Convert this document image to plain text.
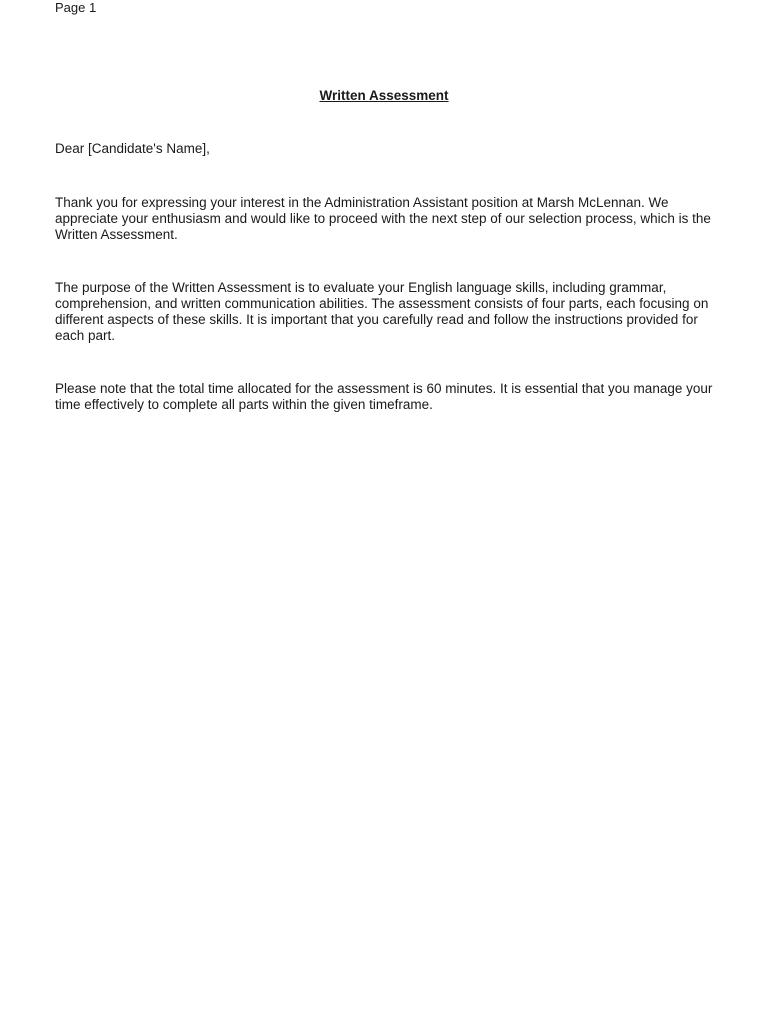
Page 1
Written Assessment

Dear [Candidate's Name],

Thank you for expressing your interest in the Administration Assistant position at Marsh McLennan. We appreciate your enthusiasm and would like to proceed with the next step of our selection process, which is the Written Assessment.

The purpose of the Written Assessment is to evaluate your English language skills, including grammar, comprehension, and written communication abilities. The assessment consists of four parts, each focusing on different aspects of these skills. It is important that you carefully read and follow the instructions provided for each part.

Please note that the total time allocated for the assessment is 60 minutes. It is essential that you manage your time effectively to complete all parts within the given timeframe.
